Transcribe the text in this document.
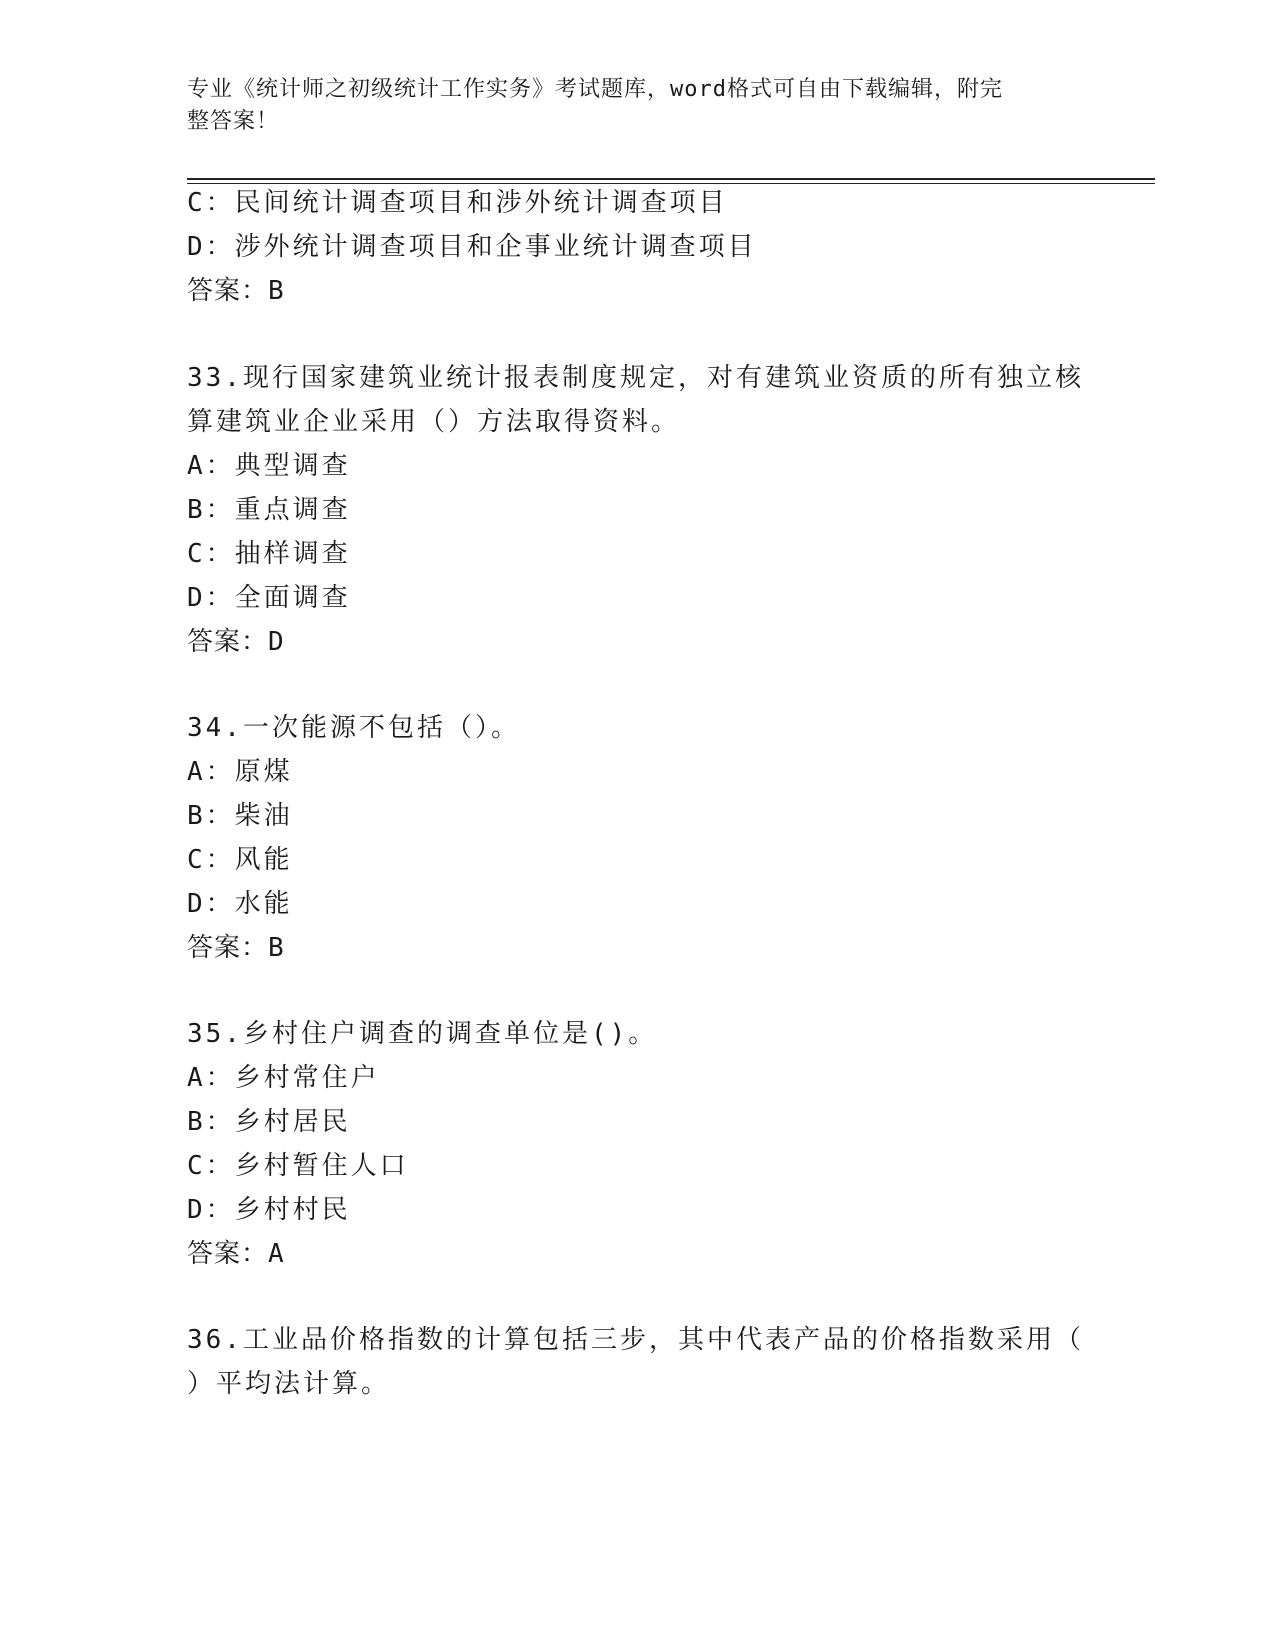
专业《统计师之初级统计工作实务》考试题库，word格式可自由下载编辑，附完
整答案！
C：民间统计调查项目和涉外统计调查项目
D：涉外统计调查项目和企事业统计调查项目
答案：B
33.现行国家建筑业统计报表制度规定，对有建筑业资质的所有独立核
算建筑业企业采用（）方法取得资料。
A：典型调查
B：重点调查
C：抽样调查
D：全面调查
答案：D
34.一次能源不包括（）。
A：原煤
B：柴油
C：风能
D：水能
答案：B
35.乡村住户调查的调查单位是()。
A：乡村常住户
B：乡村居民
C：乡村暂住人口
D：乡村村民
答案：A
36.工业品价格指数的计算包括三步，其中代表产品的价格指数采用（
）平均法计算。
